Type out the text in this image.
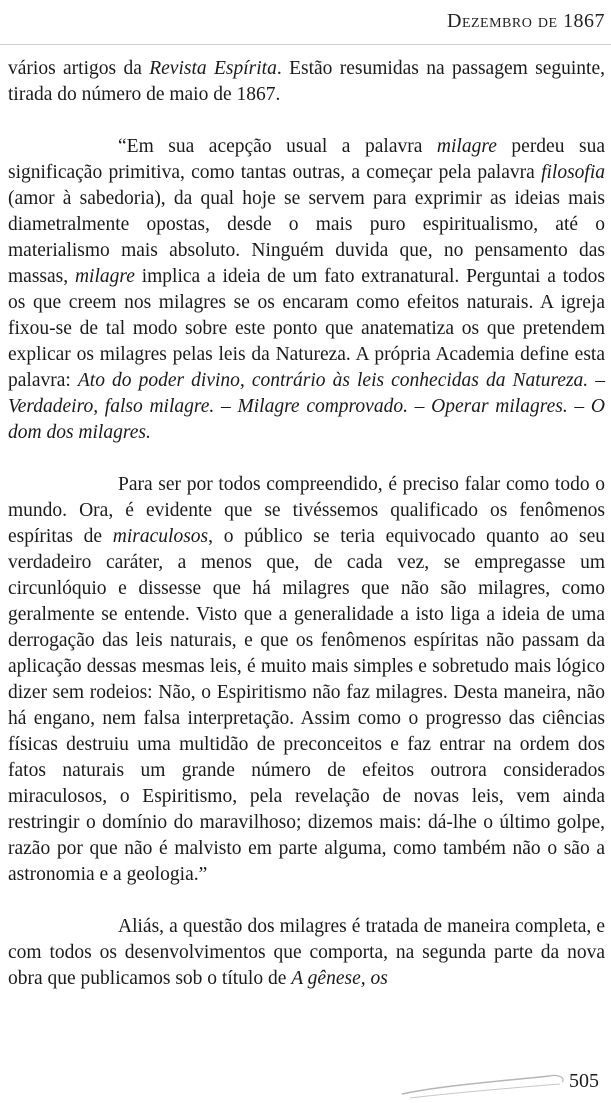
Dezembro de 1867

vários artigos da Revista Espírita. Estão resumidas na passagem seguinte, tirada do número de maio de 1867.

“Em sua acepção usual a palavra milagre perdeu sua significação primitiva, como tantas outras, a começar pela palavra filosofia (amor à sabedoria), da qual hoje se servem para exprimir as ideias mais diametralmente opostas, desde o mais puro espiritualismo, até o materialismo mais absoluto. Ninguém duvida que, no pensamento das massas, milagre implica a ideia de um fato extranatural. Perguntai a todos os que creem nos milagres se os encaram como efeitos naturais. A igreja fixou-se de tal modo sobre este ponto que anatematiza os que pretendem explicar os milagres pelas leis da Natureza. A própria Academia define esta palavra: Ato do poder divino, contrário às leis conhecidas da Natureza. – Verdadeiro, falso milagre. – Milagre comprovado. – Operar milagres. – O dom dos milagres.

Para ser por todos compreendido, é preciso falar como todo o mundo. Ora, é evidente que se tivéssemos qualificado os fenômenos espíritas de miraculosos, o público se teria equivocado quanto ao seu verdadeiro caráter, a menos que, de cada vez, se empregasse um circunlóquio e dissesse que há milagres que não são milagres, como geralmente se entende. Visto que a generalidade a isto liga a ideia de uma derrogação das leis naturais, e que os fenômenos espíritas não passam da aplicação dessas mesmas leis, é muito mais simples e sobretudo mais lógico dizer sem rodeios: Não, o Espiritismo não faz milagres. Desta maneira, não há engano, nem falsa interpretação. Assim como o progresso das ciências físicas destruiu uma multidão de preconceitos e faz entrar na ordem dos fatos naturais um grande número de efeitos outrora considerados miraculosos, o Espiritismo, pela revelação de novas leis, vem ainda restringir o domínio do maravilhoso; dizemos mais: dá-lhe o último golpe, razão por que não é malvisto em parte alguma, como também não o são a astronomia e a geologia.”

Aliás, a questão dos milagres é tratada de maneira completa, e com todos os desenvolvimentos que comporta, na segunda parte da nova obra que publicamos sob o título de A gênese, os

505
